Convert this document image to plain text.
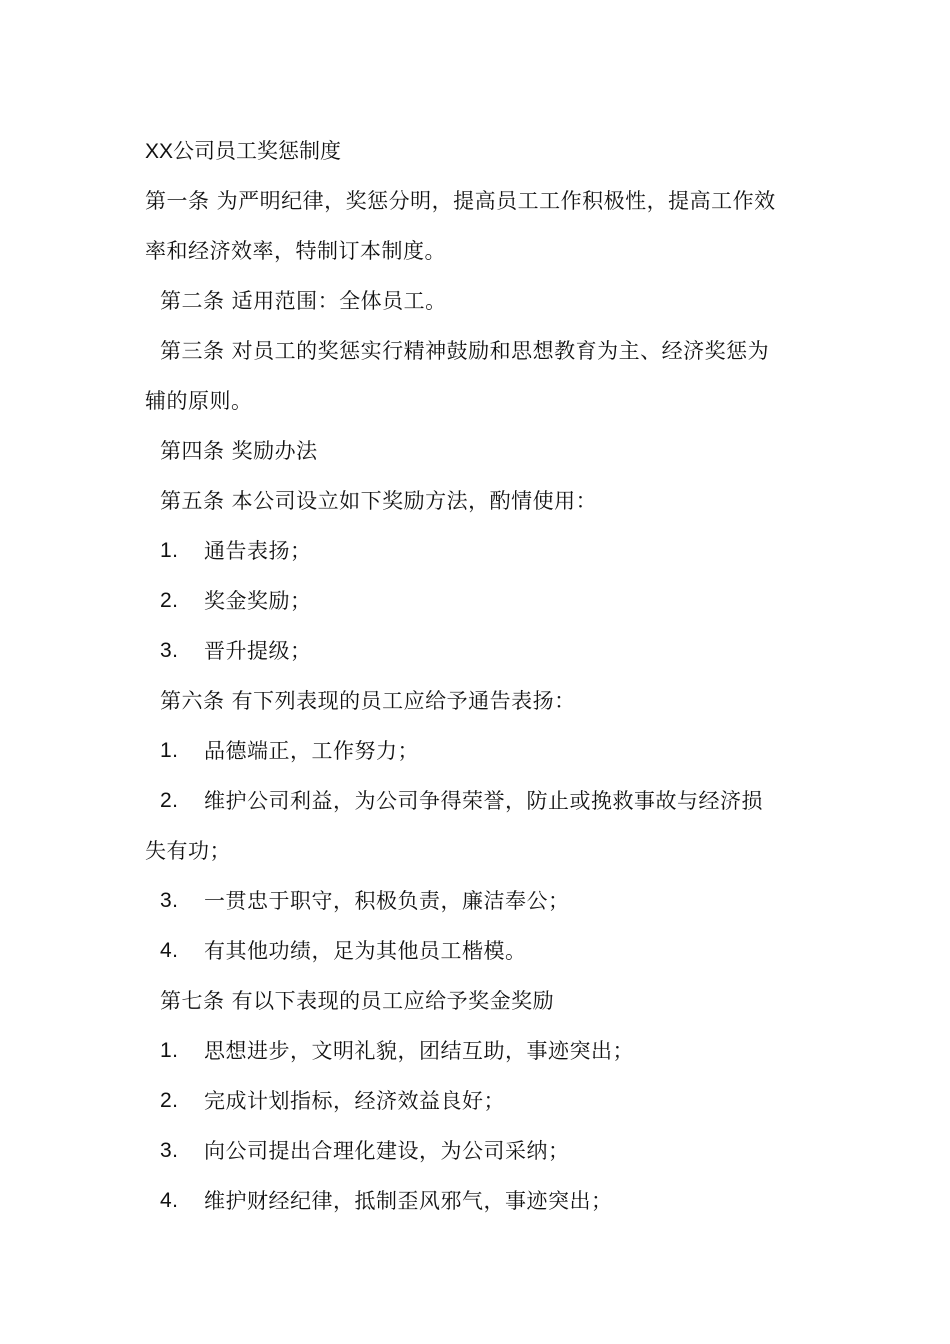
XX公司员工奖惩制度
第一条 为严明纪律，奖惩分明，提高员工工作积极性，提高工作效
率和经济效率，特制订本制度。
第二条 适用范围：全体员工。
第三条 对员工的奖惩实行精神鼓励和思想教育为主、经济奖惩为
辅的原则。
第四条 奖励办法
第五条 本公司设立如下奖励方法，酌情使用：
1.	通告表扬；
2.	奖金奖励；
3.	晋升提级；
第六条 有下列表现的员工应给予通告表扬：
1.	品德端正，工作努力；
2.	维护公司利益，为公司争得荣誉，防止或挽救事故与经济损
失有功；
3.	一贯忠于职守，积极负责，廉洁奉公；
4.	有其他功绩，足为其他员工楷模。
第七条 有以下表现的员工应给予奖金奖励
1.	思想进步，文明礼貌，团结互助，事迹突出；
2.	完成计划指标，经济效益良好；
3.	向公司提出合理化建设，为公司采纳；
4.	维护财经纪律，抵制歪风邪气，事迹突出；
